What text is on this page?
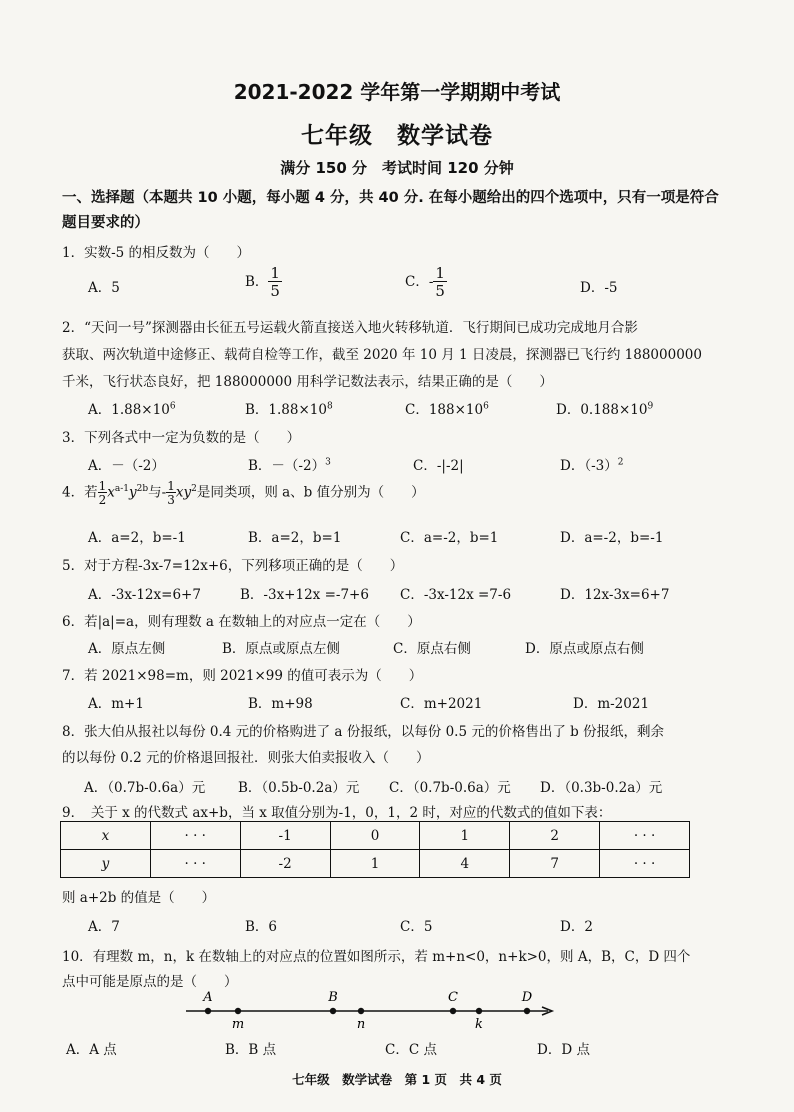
2021-2022 学年第一学期期中考试
七年级　数学试卷
满分 150 分　考试时间 120 分钟
一、选择题（本题共 10 小题，每小题 4 分，共 40 分. 在每小题给出的四个选项中，只有一项是符合
题目要求的）
1．实数-5 的相反数为（　　）
A．5	B． $\frac{1}{5}$	C．- $\frac{1}{5}$	D．-5
2．“天问一号”探测器由长征五号运载火箭直接送入地火转移轨道．飞行期间已成功完成地月合影
获取、两次轨道中途修正、载荷自检等工作，截至 2020 年 10 月 1 日凌晨，探测器已飞行约 188000000
千米，飞行状态良好，把 188000000 用科学记数法表示，结果正确的是（　　）
A．$1.88\times 10^6$	B．$1.88\times 10^8$	C．$188\times 10^6$	D．$0.188\times 10^9$
3．下列各式中一定为负数的是（　　）
A．－（-2）	B．$-(-2)^3$	C．-|-2|	D．$(-3)^2$
4．若 $\frac{1}{2} x^{a-1}y^{2b}$与- $\frac{1}{3} xy^2$是同类项，则 a、b 值分别为（　　）
A．a=2，b=-1	B．a=2，b=1	C．a=-2，b=1	D．a=-2，b=-1
5．对于方程-3x-7=12x+6，下列移项正确的是（　　）
A．-3x-12x=6+7	B．-3x+12x =-7+6 C．-3x-12x =7-6	D．12x-3x=6+7
6．若|a|=a，则有理数 a 在数轴上的对应点一定在（　　）
A．原点左侧	B．原点或原点左侧	C．原点右侧	D．原点或原点右侧
7．若 2021×98=m，则 2021×99 的值可表示为（　　）
A．m+1	B．m+98	C．m+2021	D．m-2021
8．张大伯从报社以每份 0.4 元的价格购进了 a 份报纸，以每份 0.5 元的价格售出了 b 份报纸，剩余
的以每份 0.2 元的价格退回报社．则张大伯卖报收入（　　）
A．（0.7b-0.6a）元 B．（0.5b-0.2a）元 C．（0.7b-0.6a）元 D．（0.3b-0.2a）元
9．　关于 x 的代数式 ax+b，当 x 取值分别为-1，0，1，2 时，对应的代数式的值如下表：
x	· · ·	-1	0	1	2	· · ·
y	· · ·	-2	1	4	7	· · ·
则 a+2b 的值是（　　）
A．7	B．6	C．5	D．2
10．有理数 m，n，k 在数轴上的对应点的位置如图所示，若 m+n<0，n+k>0，则 A，B，C，D 四个
点中可能是原点的是（　　）
A
m
B
n
C
k
D
A．A 点	B．B 点	C．C 点	D．D 点
七年级　数学试卷　第 1 页　共 4 页
